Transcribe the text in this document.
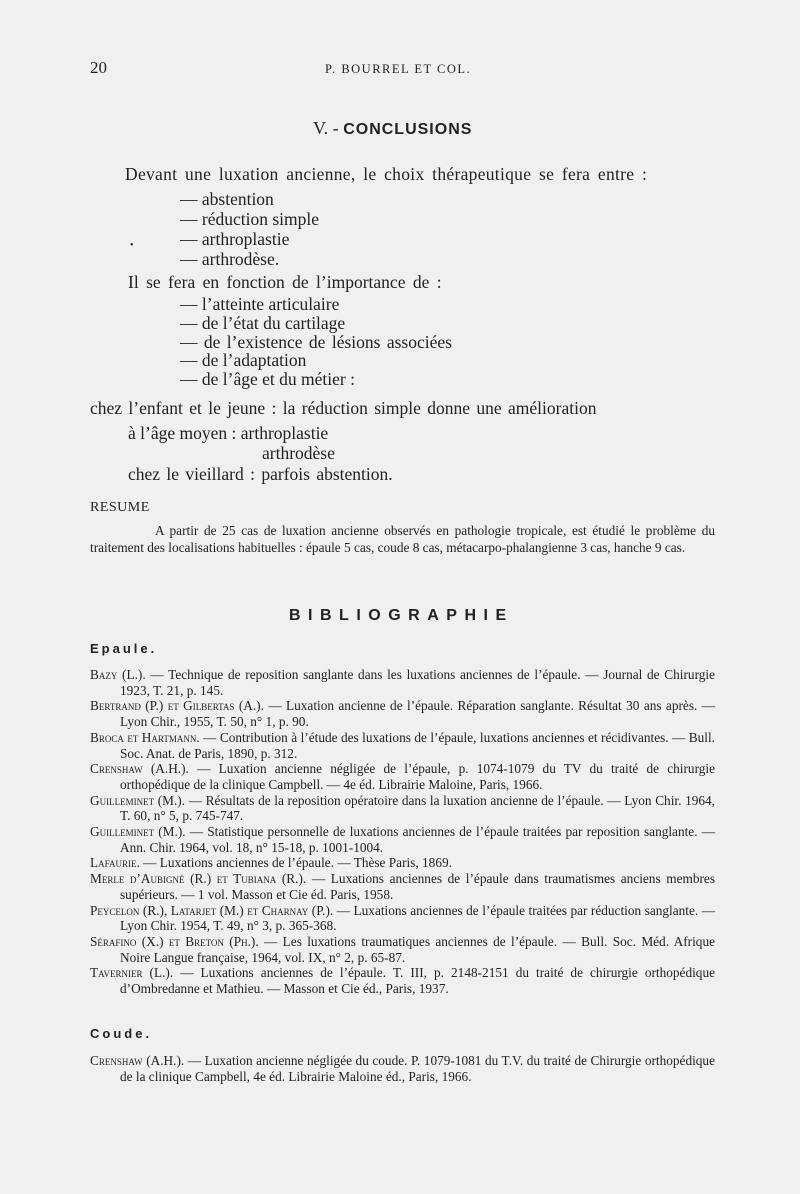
20	P. BOURREL ET COL.
V. - CONCLUSIONS
Devant une luxation ancienne, le choix thérapeutique se fera entre :
— abstention
— réduction simple
— arthroplastie
— arthrodèse.
•
Il se fera en fonction de l’importance de :
— l’atteinte articulaire
— de l’état du cartilage
— de l’existence de lésions associées
— de l’adaptation
— de l’âge et du métier :
chez l’enfant et le jeune : la réduction simple donne une amélioration
à l’âge moyen : arthroplastie
arthrodèse
chez le vieillard : parfois abstention.
RESUME

A partir de 25 cas de luxation ancienne observés en pathologie tropicale, est étudié le problème du traitement des localisations habituelles : épaule 5 cas, coude 8 cas, métacarpo-phalangienne 3 cas, hanche 9 cas.

BIBLIOGRAPHIE
Epaule.

Bazy (L.). — Technique de reposition sanglante dans les luxations anciennes de l’épaule. — Journal de Chirurgie 1923, T. 21, p. 145.

Bertrand (P.) et Gilbertas (A.). — Luxation ancienne de l’épaule. Réparation sanglante. Résultat 30 ans après. — Lyon Chir., 1955, T. 50, n° 1, p. 90.

Broca et Hartmann. — Contribution à l’étude des luxations de l’épaule, luxations anciennes et récidivantes. — Bull. Soc. Anat. de Paris, 1890, p. 312.

Crenshaw (A.H.). — Luxation ancienne négligée de l’épaule, p. 1074-1079 du TV du traité de chirurgie orthopédique de la clinique Campbell. — 4e éd. Librairie Maloine, Paris, 1966.

Guilleminet (M.). — Résultats de la reposition opératoire dans la luxation ancienne de l’épaule. — Lyon Chir. 1964, T. 60, n° 5, p. 745-747.

Guilleminet (M.). — Statistique personnelle de luxations anciennes de l’épaule traitées par reposition sanglante. — Ann. Chir. 1964, vol. 18, n° 15-18, p. 1001-1004.

Lafaurie. — Luxations anciennes de l’épaule. — Thèse Paris, 1869.

Merle d’Aubigné (R.) et Tubiana (R.). — Luxations anciennes de l’épaule dans traumatismes anciens membres supérieurs. — 1 vol. Masson et Cie éd. Paris, 1958.

Peycelon (R.), Latarjet (M.) et Charnay (P.). — Luxations anciennes de l’épaule traitées par réduction sanglante. — Lyon Chir. 1954, T. 49, n° 3, p. 365-368.

Sérafino (X.) et Breton (Ph.). — Les luxations traumatiques anciennes de l’épaule. — Bull. Soc. Méd. Afrique Noire Langue française, 1964, vol. IX, n° 2, p. 65-87.

Tavernier (L.). — Luxations anciennes de l’épaule. T. III, p. 2148-2151 du traité de chirurgie orthopédique d’Ombredanne et Mathieu. — Masson et Cie éd., Paris, 1937.

Coude.

Crenshaw (A.H.). — Luxation ancienne négligée du coude. P. 1079-1081 du T.V. du traité de Chirurgie orthopédique de la clinique Campbell, 4e éd. Librairie Maloine éd., Paris, 1966.
